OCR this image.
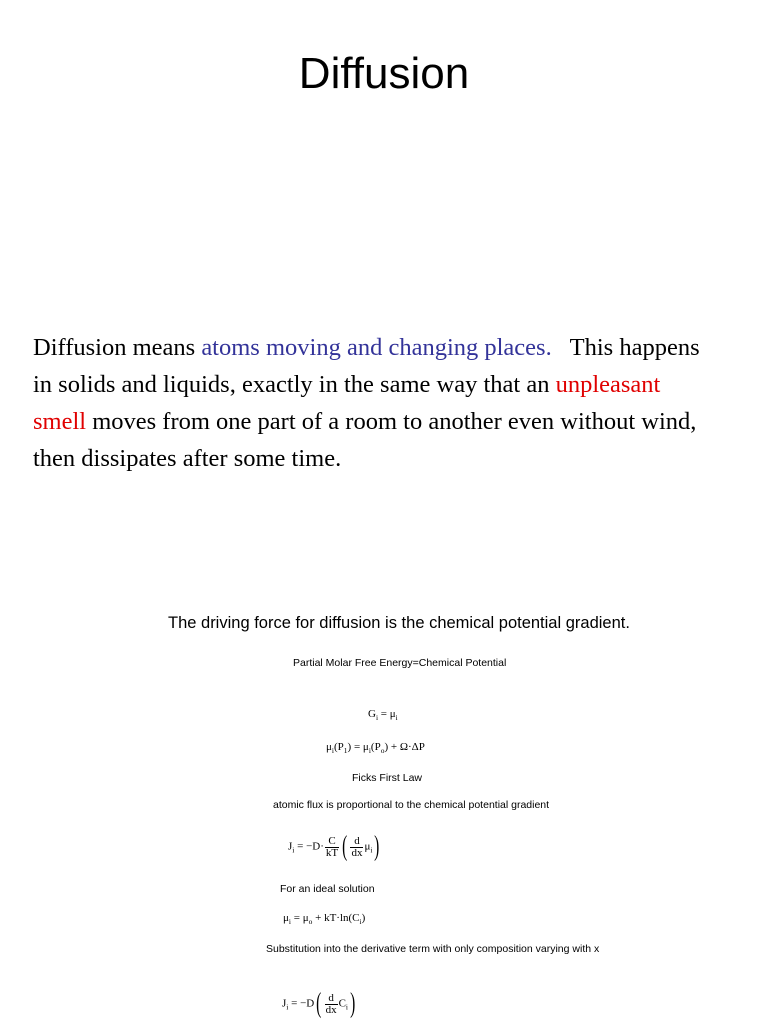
Diffusion
Diffusion means atoms moving and changing places.   This happens
in solids and liquids, exactly in the same way that an unpleasant
smell moves from one part of a room to another even without wind,
then dissipates after some time.
The driving force for diffusion is the chemical potential gradient.
Partial Molar Free Energy=Chemical Potential
$G_i = \mu_i$
$\mu_i(P_1) = \mu_i(P_o) + \Omega\cdot\Delta P$
Ficks First Law
atomic flux is proportional to the chemical potential gradient
$J_i = -D\cdot \frac{C}{kT}$ ( $\frac{d}{dx} \mu_i$)
For an ideal solution
$\mu_i = \mu_o + kT\cdot\ln(C_i)$
Substitution into the derivative term with only composition varying with x
$J_i = -D( \frac{d}{dx} C_i)$
